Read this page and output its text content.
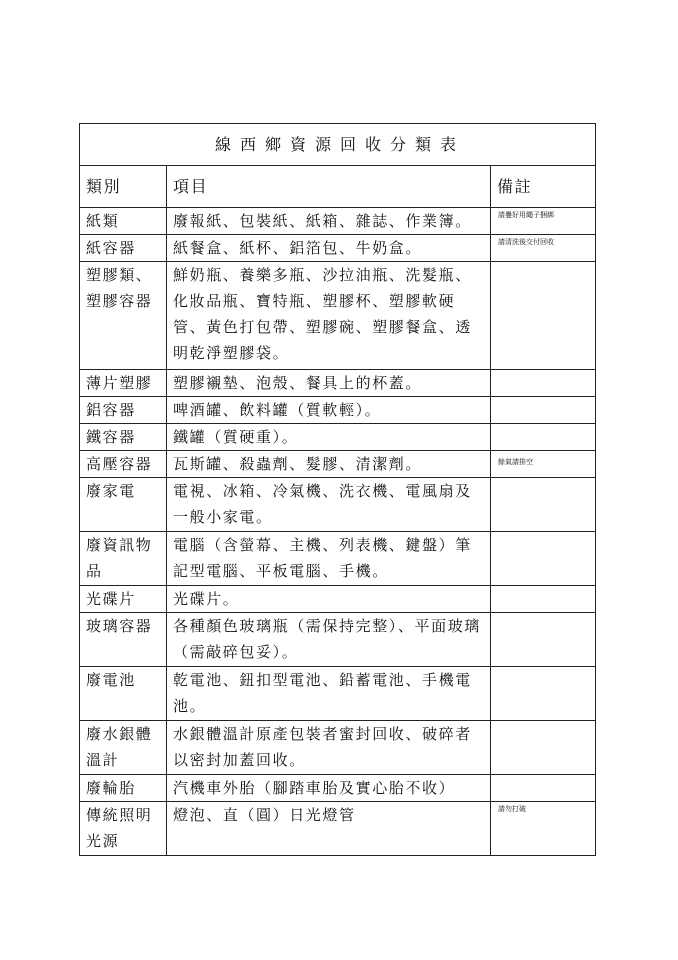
線西鄉資源回收分類表		
類別	項目	備註
紙類	廢報紙、包裝紙、紙箱、雜誌、作業簿。	請疊好用繩子捆綁
紙容器	紙餐盒、紙杯、鋁箔包、牛奶盒。	請清洗後交付回收
塑膠類、塑膠容器	鮮奶瓶、養樂多瓶、沙拉油瓶、洗髮瓶、化妝品瓶、寶特瓶、塑膠杯、塑膠軟硬管、黃色打包帶、塑膠碗、塑膠餐盒、透明乾淨塑膠袋。	
薄片塑膠	塑膠襯墊、泡殼、餐具上的杯蓋。	
鋁容器	啤酒罐、飲料罐（質軟輕）。	
鐵容器	鐵罐（質硬重）。	
高壓容器	瓦斯罐、殺蟲劑、髮膠、清潔劑。	餘氣請排空
廢家電	電視、冰箱、冷氣機、洗衣機、電風扇及一般小家電。	
廢資訊物品	電腦（含螢幕、主機、列表機、鍵盤）筆記型電腦、平板電腦、手機。	
光碟片	光碟片。	
玻璃容器	各種顏色玻璃瓶（需保持完整）、平面玻璃（需敲碎包妥）。	
廢電池	乾電池、鈕扣型電池、鉛蓄電池、手機電池。	
廢水銀體溫計	水銀體溫計原產包裝者蜜封回收、破碎者以密封加蓋回收。	
廢輪胎	汽機車外胎（腳踏車胎及實心胎不收）	
傳統照明光源	燈泡、直（圓）日光燈管	請勿打破
